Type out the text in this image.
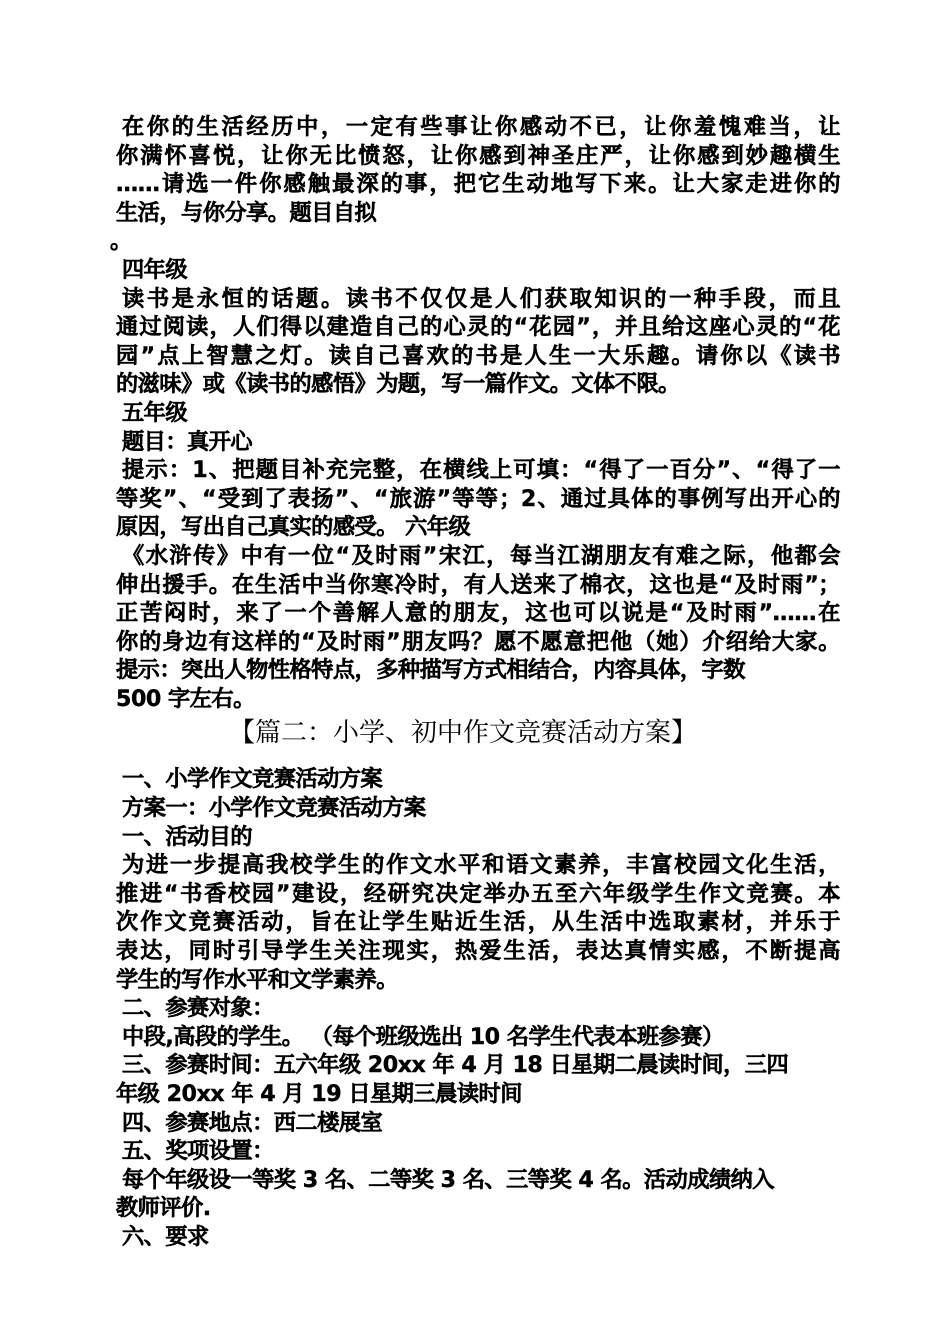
在你的生活经历中，一定有些事让你感动不已，让你羞愧难当，让
你满怀喜悦，让你无比愤怒，让你感到神圣庄严，让你感到妙趣横生
……请选一件你感触最深的事，把它生动地写下来。让大家走进你的
生活，与你分享。题目自拟
。
四年级
读书是永恒的话题。读书不仅仅是人们获取知识的一种手段，而且
通过阅读，人们得以建造自己的心灵的“花园”，并且给这座心灵的“花
园”点上智慧之灯。读自己喜欢的书是人生一大乐趣。请你以《读书
的滋味》或《读书的感悟》为题，写一篇作文。文体不限。
五年级
题目：真开心
提示：1、把题目补充完整，在横线上可填：“得了一百分”、“得了一
等奖”、“受到了表扬”、“旅游”等等；2、通过具体的事例写出开心的
原因，写出自己真实的感受。 六年级
《水浒传》中有一位“及时雨”宋江，每当江湖朋友有难之际，他都会
伸出援手。在生活中当你寒冷时，有人送来了棉衣，这也是“及时雨”；
正苦闷时，来了一个善解人意的朋友，这也可以说是“及时雨”……在
你的身边有这样的“及时雨”朋友吗？愿不愿意把他（她）介绍给大家。
提示：突出人物性格特点，多种描写方式相结合，内容具体，字数
500 字左右。
【篇二：小学、初中作文竞赛活动方案】
一、小学作文竞赛活动方案
方案一：小学作文竞赛活动方案
一、活动目的
为进一步提高我校学生的作文水平和语文素养，丰富校园文化生活，
推进“书香校园”建设，经研究决定举办五至六年级学生作文竞赛。本
次作文竞赛活动，旨在让学生贴近生活，从生活中选取素材，并乐于
表达，同时引导学生关注现实，热爱生活，表达真情实感，不断提高
学生的写作水平和文学素养。
二、参赛对象：
中段,高段的学生。 （每个班级选出 10 名学生代表本班参赛）
三、参赛时间：五六年级 20xx 年 4 月 18 日星期二晨读时间，三四
年级 20xx 年 4 月 19 日星期三晨读时间
四、参赛地点：西二楼展室
五、奖项设置：
每个年级设一等奖 3 名、二等奖 3 名、三等奖 4 名。活动成绩纳入
教师评价.
六、要求
